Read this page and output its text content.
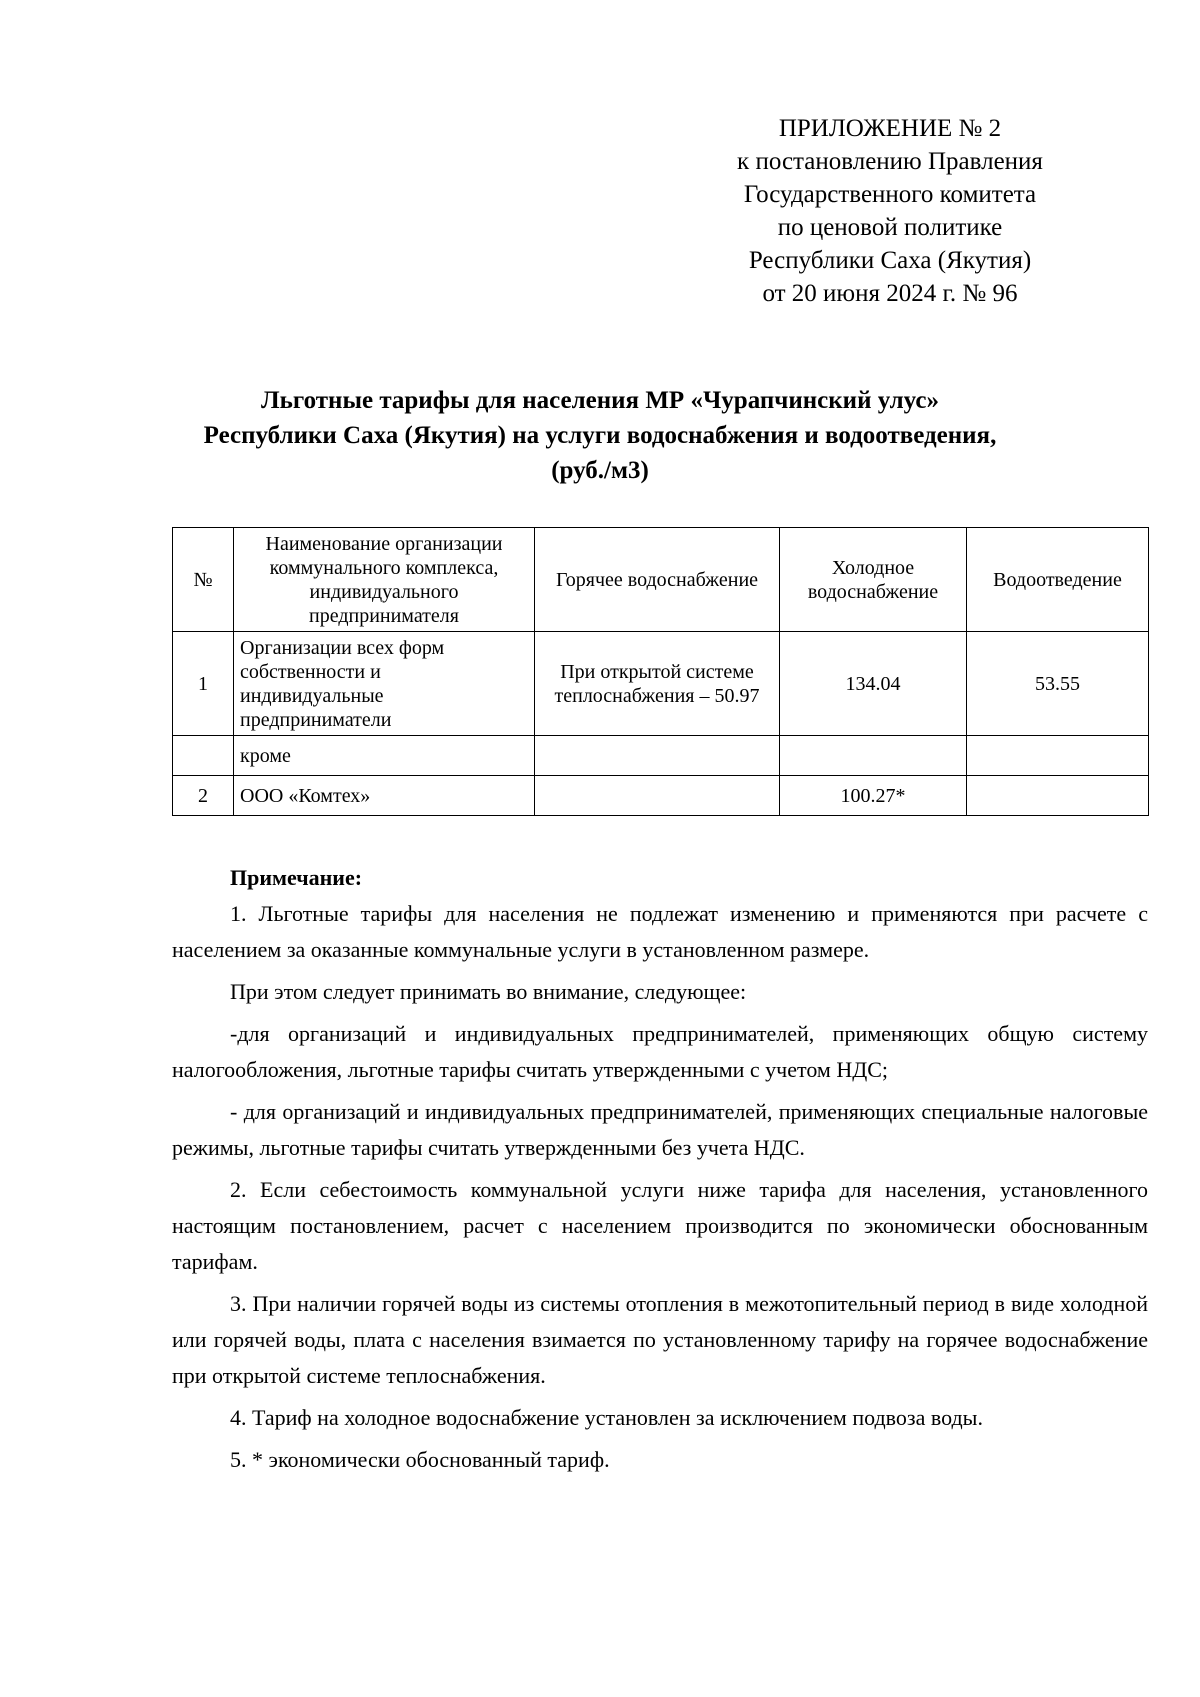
ПРИЛОЖЕНИЕ № 2
к постановлению Правления
Государственного комитета
по ценовой политике
Республики Саха (Якутия)
от 20 июня 2024 г. № 96
Льготные тарифы для населения МР «Чурапчинский улус»
Республики Саха (Якутия) на услуги водоснабжения и водоотведения,
(руб./м3)
№	Наименование организации коммунального комплекса, индивидуального предпринимателя	Горячее водоснабжение	Холодное водоснабжение	Водоотведение
1	Организации всех форм собственности и индивидуальные предприниматели	При открытой системе теплоснабжения – 50.97	134.04	53.55
	кроме			
2	ООО «Комтех»		100.27*	

Примечание:

1. Льготные тарифы для населения не подлежат изменению и применяются при расчете с населением за оказанные коммунальные услуги в установленном размере.

При этом следует принимать во внимание, следующее:

-для организаций и индивидуальных предпринимателей, применяющих общую систему налогообложения, льготные тарифы считать утвержденными с учетом НДС;

- для организаций и индивидуальных предпринимателей, применяющих специальные налоговые режимы, льготные тарифы считать утвержденными без учета НДС.

2. Если себестоимость коммунальной услуги ниже тарифа для населения, установленного настоящим постановлением, расчет с населением производится по экономически обоснованным тарифам.

3. При наличии горячей воды из системы отопления в межотопительный период в виде холодной или горячей воды, плата с населения взимается по установленному тарифу на горячее водоснабжение при открытой системе теплоснабжения.

4. Тариф на холодное водоснабжение установлен за исключением подвоза воды.

5. * экономически обоснованный тариф.
